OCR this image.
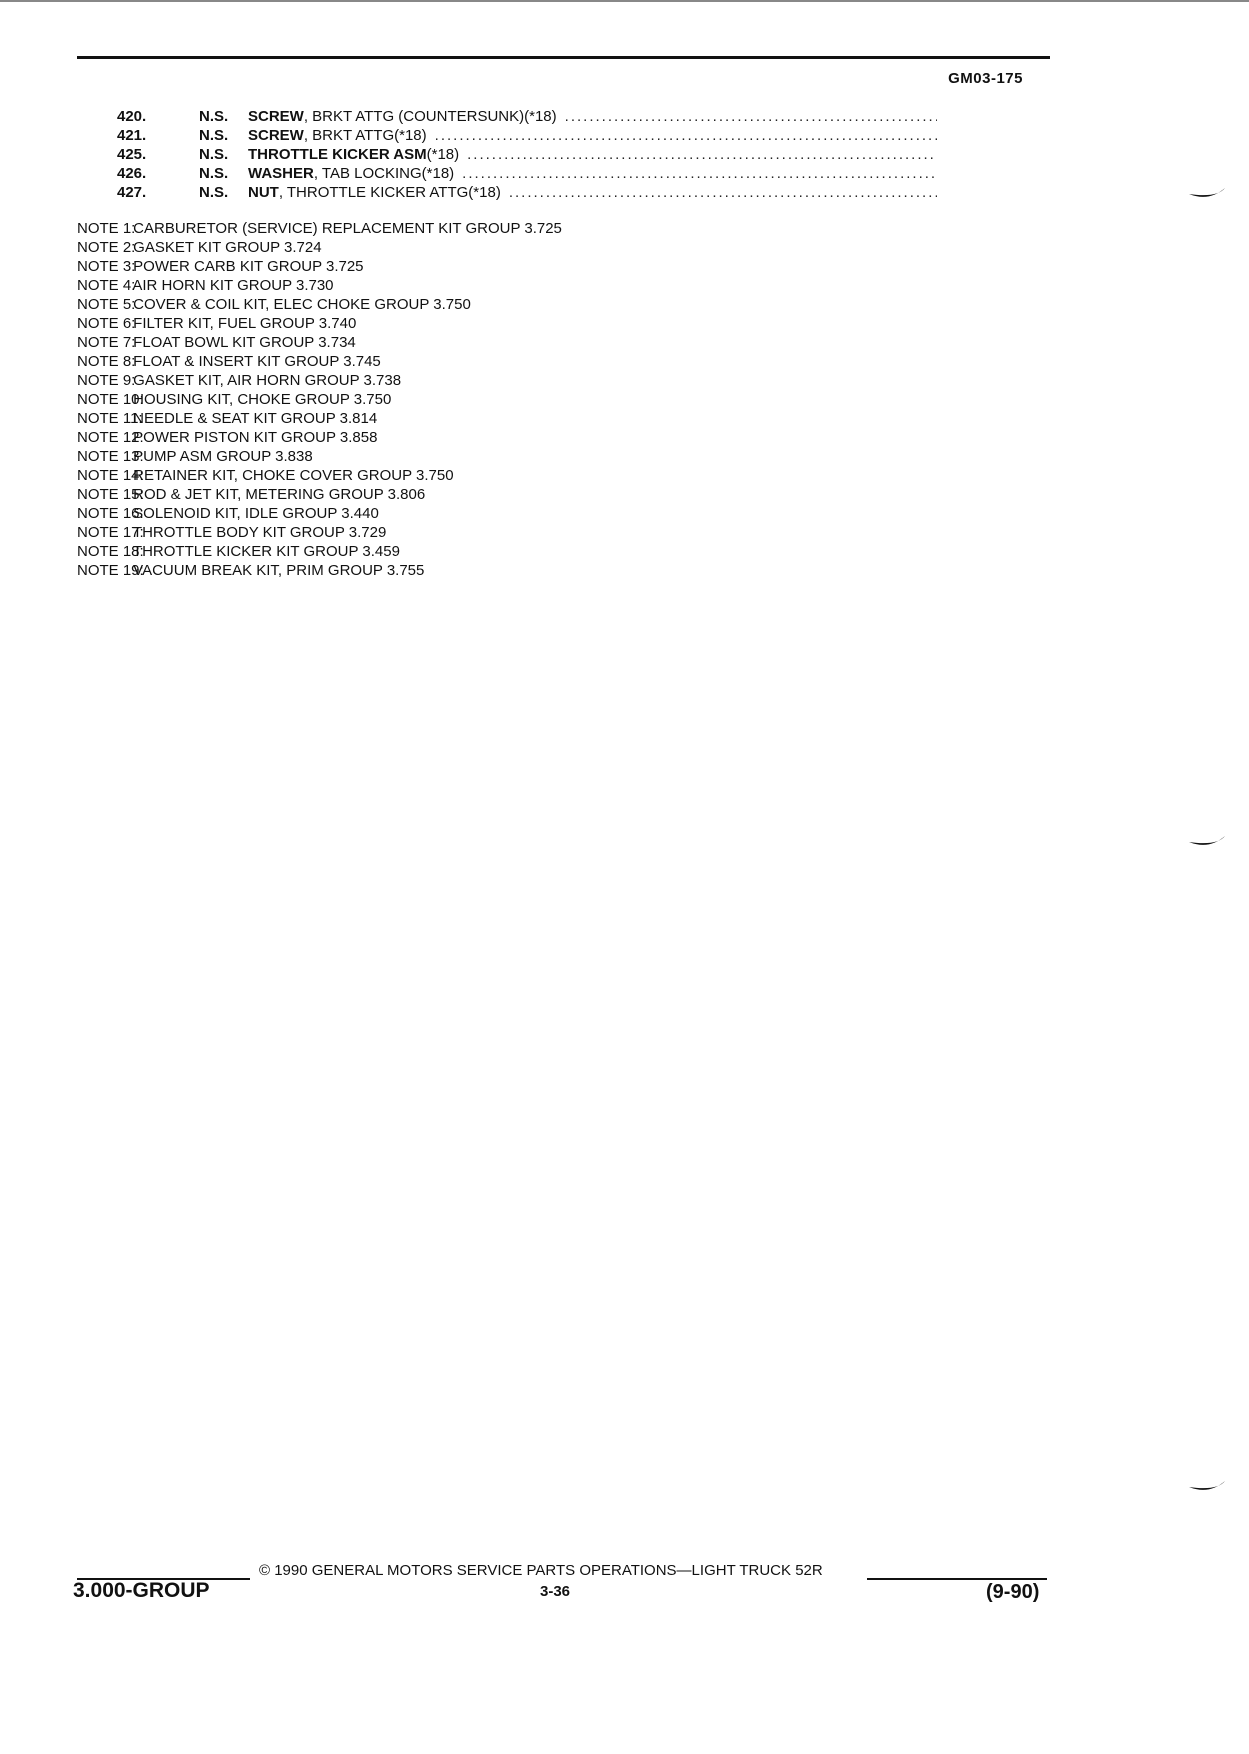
GM03-175
420.	N.S. SCREW , BRKT ATTG (COUNTERSUNK)(*18)
.....
421.	N.S. SCREW , BRKT ATTG(*18)
.....
425.	N.S. THROTTLE KICKER ASM (*18)
.....
426.	N.S. WASHER , TAB LOCKING(*18)
.....
427.	N.S. NUT , THROTTLE KICKER ATTG(*18)
.....
NOTE 1: CARBURETOR (SERVICE) REPLACEMENT KIT GROUP 3.725
NOTE 2: GASKET KIT GROUP 3.724
NOTE 3: POWER CARB KIT GROUP 3.725
NOTE 4: AIR HORN KIT GROUP 3.730
NOTE 5: COVER & COIL KIT, ELEC CHOKE GROUP 3.750
NOTE 6: FILTER KIT, FUEL GROUP 3.740
NOTE 7: FLOAT BOWL KIT GROUP 3.734
NOTE 8: FLOAT & INSERT KIT GROUP 3.745
NOTE 9: GASKET KIT, AIR HORN GROUP 3.738
NOTE 10: HOUSING KIT, CHOKE GROUP 3.750
NOTE 11: NEEDLE & SEAT KIT GROUP 3.814
NOTE 12: POWER PISTON KIT GROUP 3.858
NOTE 13: PUMP ASM GROUP 3.838
NOTE 14: RETAINER KIT, CHOKE COVER GROUP 3.750
NOTE 15: ROD & JET KIT, METERING GROUP 3.806
NOTE 16: SOLENOID KIT, IDLE GROUP 3.440
NOTE 17: THROTTLE BODY KIT GROUP 3.729
NOTE 18: THROTTLE KICKER KIT GROUP 3.459
NOTE 19: VACUUM BREAK KIT, PRIM GROUP 3.755
© 1990 GENERAL MOTORS SERVICE PARTS OPERATIONS—LIGHT TRUCK 52R
3.000-GROUP	3-36	(9-90)
